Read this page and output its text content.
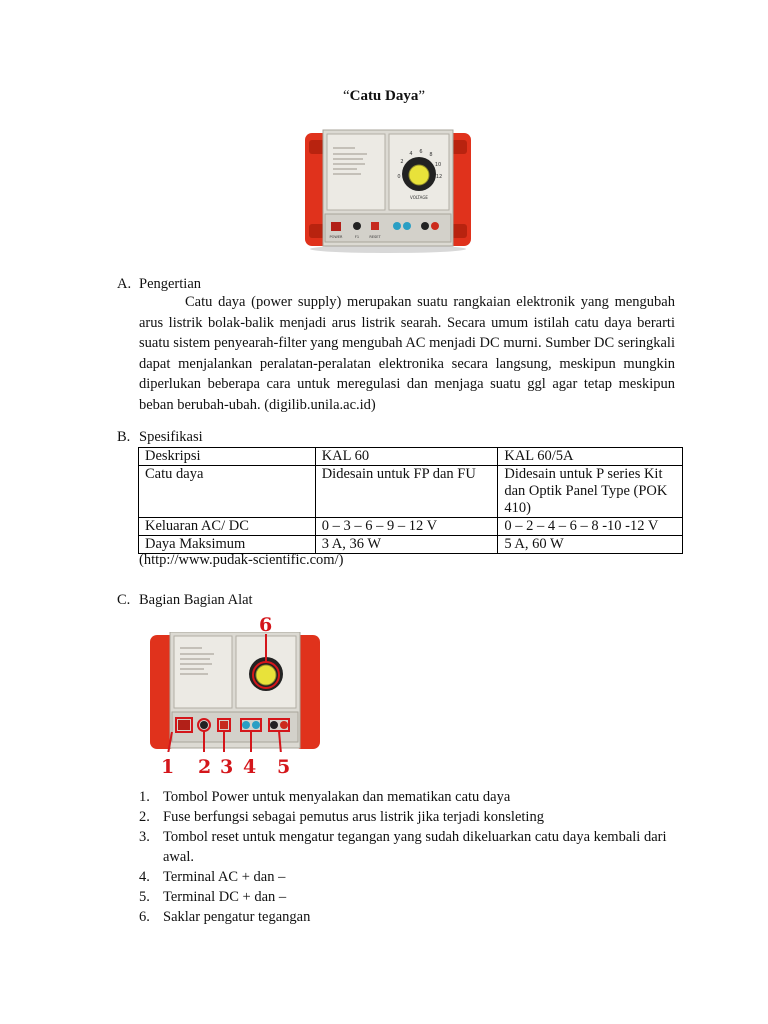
“Catu Daya”
0
2
4 6 8
10
12
VOLTAGE
POWER	F1	RESET
A. Pengertian

Catu daya (power supply) merupakan suatu rangkaian elektronik yang mengubah arus listrik bolak-balik menjadi arus listrik searah. Secara umum istilah catu daya berarti suatu sistem penyearah-filter yang mengubah AC menjadi DC murni. Sumber DC seringkali dapat menjalankan peralatan-peralatan elektronika secara langsung, meskipun mungkin diperlukan beberapa cara untuk meregulasi dan menjaga suatu ggl agar tetap meskipun beban berubah-ubah. (digilib.unila.ac.id)

B. Spesifikasi
Deskripsi	KAL 60	KAL 60/5A
Catu daya	Didesain untuk FP dan FU	Didesain untuk P series Kit dan Optik Panel Type (POK 410)
Keluaran AC/ DC	0 – 3 – 6 – 9 – 12 V	0 – 2 – 4 – 6 – 8 -10 -12 V
Daya Maksimum	3 A, 36 W	5 A, 60 W
(http://www.pudak-scientific.com/)
C. Bagian Bagian Alat
6
1 2 3 4 5
1. Tombol Power untuk menyalakan dan mematikan catu daya
2. Fuse berfungsi sebagai pemutus arus listrik jika terjadi konsleting
3. Tombol reset untuk mengatur tegangan yang sudah dikeluarkan catu daya kembali dari awal.
4. Terminal AC + dan –
5. Terminal DC + dan –
6. Saklar pengatur tegangan
